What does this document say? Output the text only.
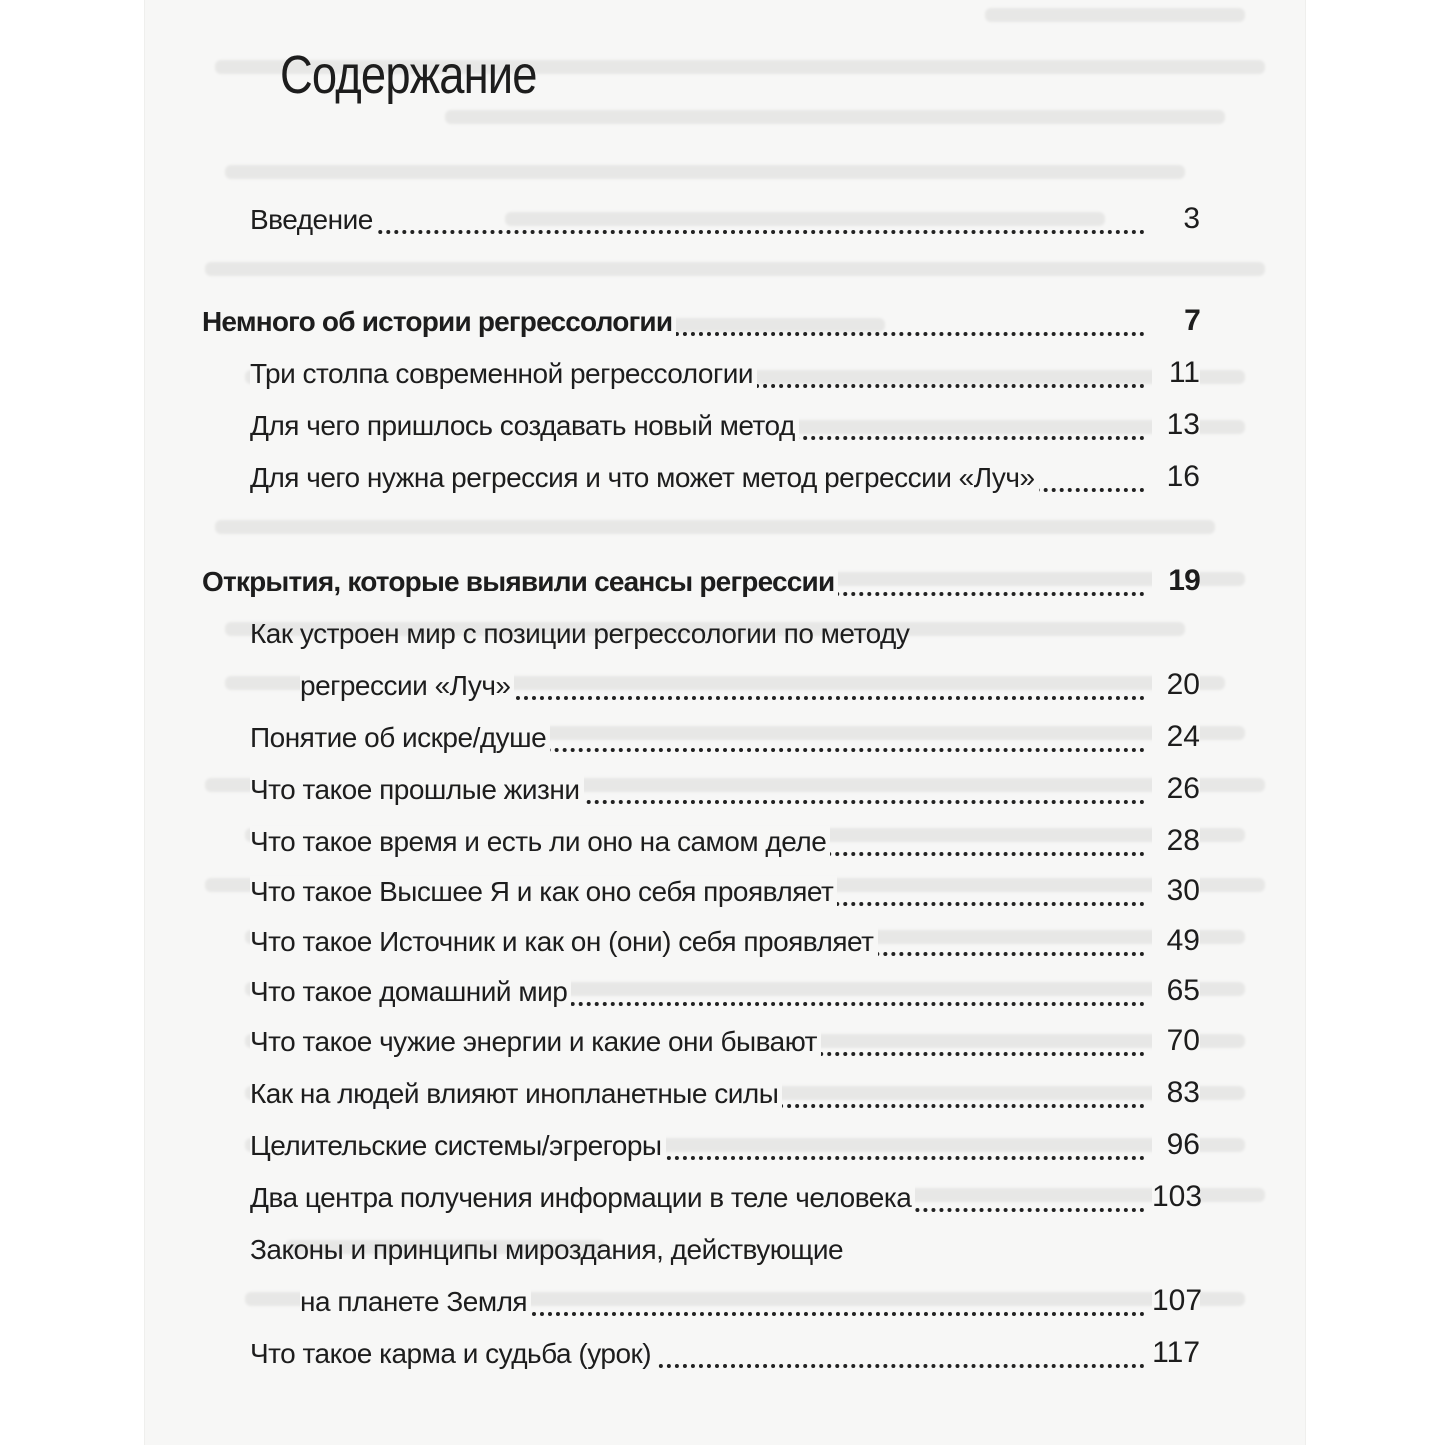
Содержание
Введение	3
Немного об истории регрессологии	7
Три столпа современной регрессологии	11
Для чего пришлось создавать новый метод	13
Для чего нужна регрессия и что может метод регрессии «Луч»	16
Открытия, которые выявили сеансы регрессии	19
Как устроен мир с позиции регрессологии по методу
регрессии «Луч»	20
Понятие об искре/душе	24
Что такое прошлые жизни	26
Что такое время и есть ли оно на самом деле	28
Что такое Высшее Я и как оно себя проявляет	30
Что такое Источник и как он (они) себя проявляет	49
Что такое домашний мир	65
Что такое чужие энергии и какие они бывают	70
Как на людей влияют инопланетные силы	83
Целительские системы/эгрегоры	96
Два центра получения информации в теле человека	103
Законы и принципы мироздания, действующие
на планете Земля	107
Что такое карма и судьба (урок)	117
